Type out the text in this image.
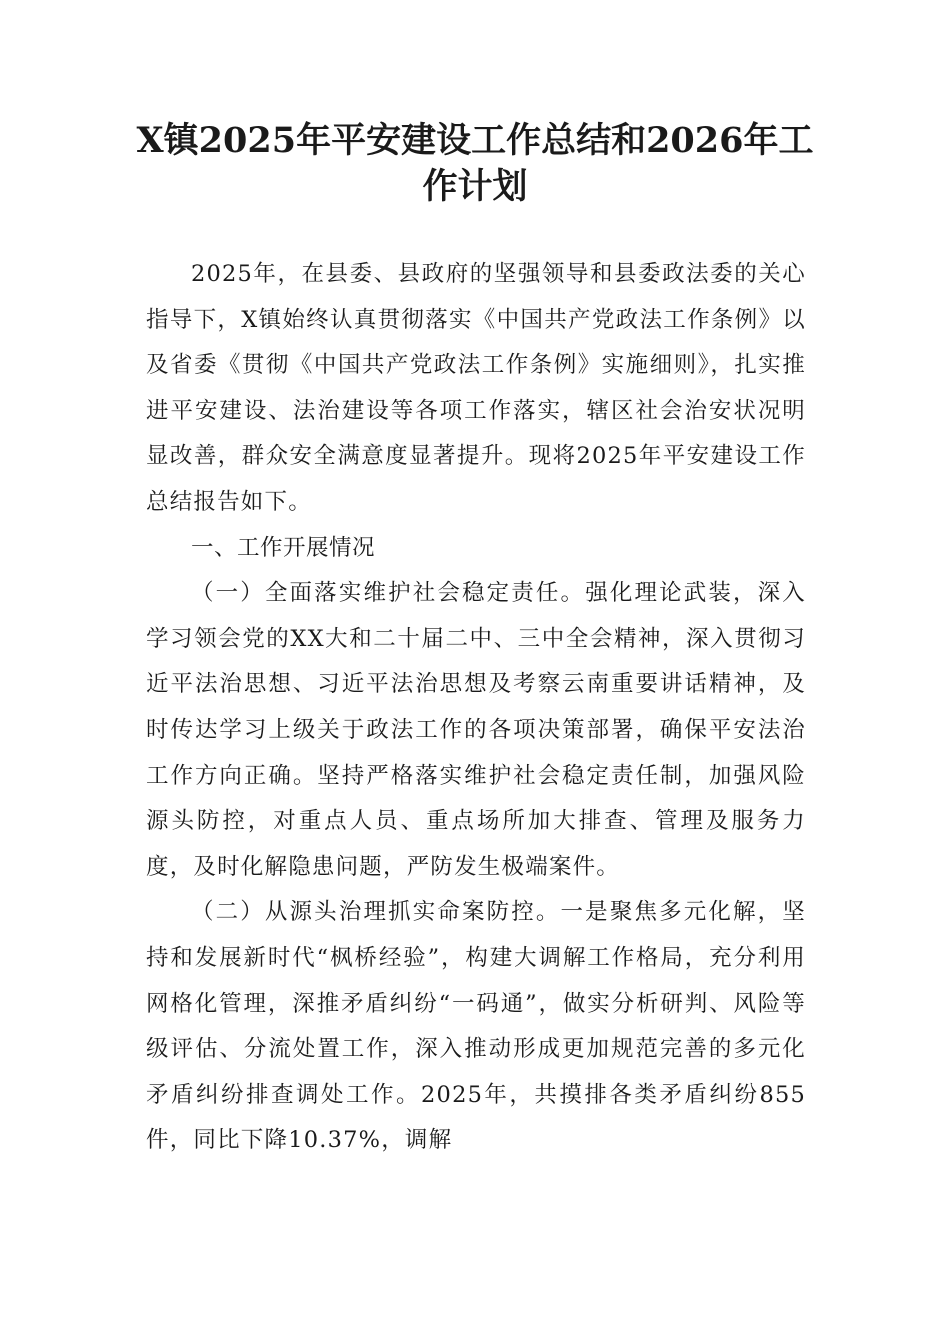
X镇2025年平安建设工作总结和2026年工作计划

2025年，在县委、县政府的坚强领导和县委政法委的关心指导下，X镇始终认真贯彻落实《中国共产党政法工作条例》以及省委《贯彻《中国共产党政法工作条例》实施细则》，扎实推进平安建设、法治建设等各项工作落实，辖区社会治安状况明显改善，群众安全满意度显著提升。现将2025年平安建设工作总结报告如下。

一、工作开展情况

（一）全面落实维护社会稳定责任。强化理论武装，深入学习领会党的XX大和二十届二中、三中全会精神，深入贯彻习近平法治思想、习近平法治思想及考察云南重要讲话精神，及时传达学习上级关于政法工作的各项决策部署，确保平安法治工作方向正确。坚持严格落实维护社会稳定责任制，加强风险源头防控，对重点人员、重点场所加大排查、管理及服务力度，及时化解隐患问题，严防发生极端案件。

（二）从源头治理抓实命案防控。一是聚焦多元化解，坚持和发展新时代“枫桥经验”，构建大调解工作格局，充分利用网格化管理，深推矛盾纠纷“一码通”，做实分析研判、风险等级评估、分流处置工作，深入推动形成更加规范完善的多元化矛盾纠纷排查调处工作。2025年，共摸排各类矛盾纠纷855件，同比下降10.37%，调解
